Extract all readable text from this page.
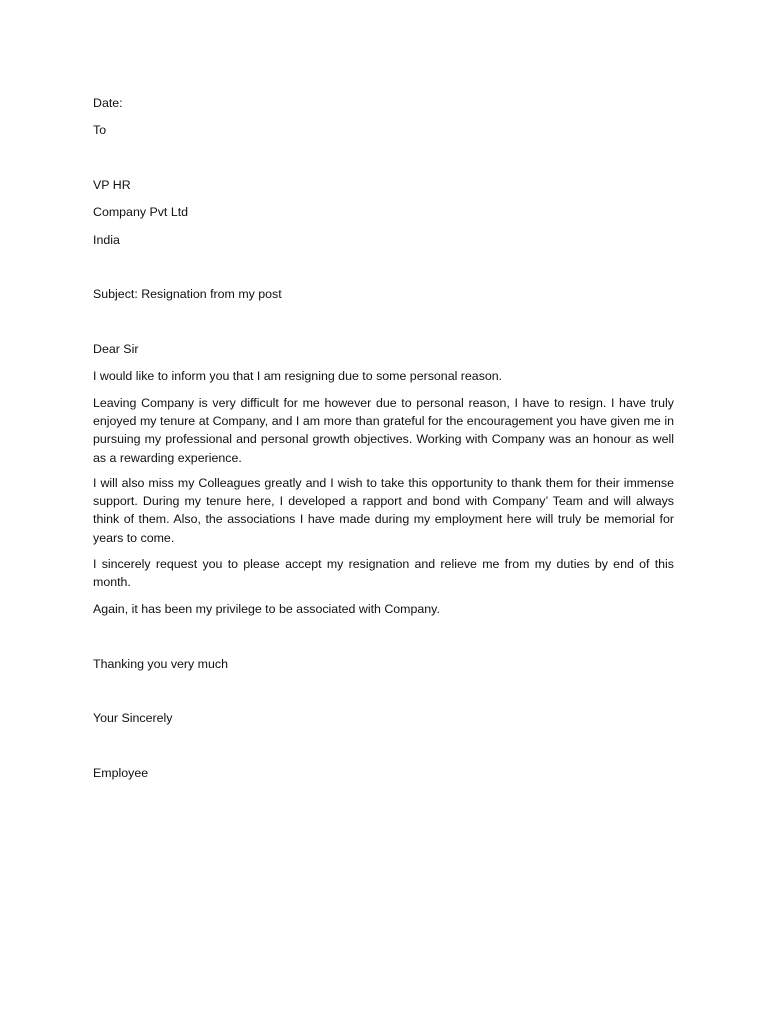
Date:
To
VP HR
Company Pvt Ltd
India
Subject: Resignation from my post
Dear Sir
I would like to inform you that I am resigning due to some personal reason.
Leaving Company is very difficult for me however due to personal reason, I have to resign. I have truly enjoyed my tenure at Company, and I am more than grateful for the encouragement you have given me in pursuing my professional and personal growth objectives. Working with Company was an honour as well as a rewarding experience.
I will also miss my Colleagues greatly and I wish to take this opportunity to thank them for their immense support. During my tenure here, I developed a rapport and bond with Company’ Team and will always think of them. Also, the associations I have made during my employment here will truly be memorial for years to come.
I sincerely request you to please accept my resignation and relieve me from my duties by end of this month.
Again, it has been my privilege to be associated with Company.
Thanking you very much
Your Sincerely
Employee
